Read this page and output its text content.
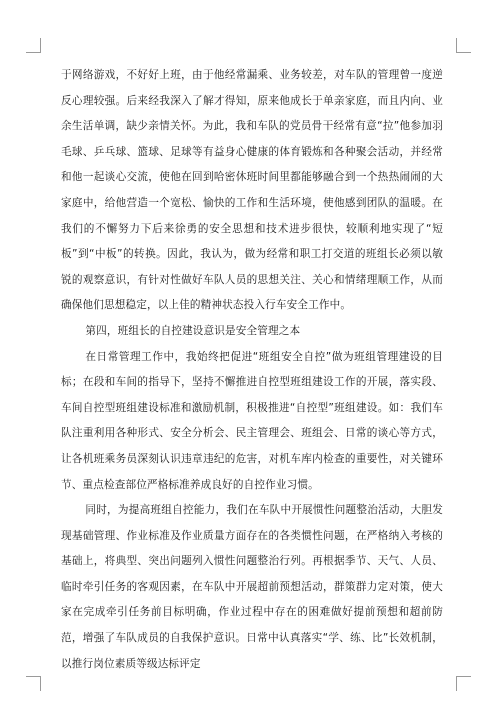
于网络游戏，不好好上班，由于他经常漏乘、业务较差，对车队的管理曾一度逆反心理较强。后来经我深入了解才得知，原来他成长于单亲家庭，而且内向、业余生活单调，缺少亲情关怀。为此，我和车队的党员骨干经常有意“拉”他参加羽毛球、乒乓球、篮球、足球等有益身心健康的体育锻炼和各种聚会活动，并经常和他一起谈心交流，使他在回到哈密休班时间里都能够融合到一个热热闹闹的大家庭中，给他营造一个宽松、愉快的工作和生活环境，使他感到团队的温暖。在我们的不懈努力下后来徐勇的安全思想和技术进步很快，较顺利地实现了“短板”到“中板”的转换。因此，我认为，做为经常和职工打交道的班组长必须以敏锐的观察意识，有针对性做好车队人员的思想关注、关心和情绪理顺工作，从而确保他们思想稳定，以上佳的精神状态投入行车安全工作中。

第四，班组长的自控建设意识是安全管理之本

在日常管理工作中，我始终把促进“班组安全自控”做为班组管理建设的目标；在段和车间的指导下，坚持不懈推进自控型班组建设工作的开展，落实段、车间自控型班组建设标准和激励机制，积极推进“自控型”班组建设。如：我们车队注重利用各种形式、安全分析会、民主管理会、班组会、日常的谈心等方式，让各机班乘务员深刻认识违章违纪的危害，对机车库内检查的重要性，对关键环节、重点检查部位严格标准养成良好的自控作业习惯。

同时，为提高班组自控能力，我们在车队中开展惯性问题整治活动，大胆发现基础管理、作业标准及作业质量方面存在的各类惯性问题，在严格纳入考核的基础上，将典型、突出问题列入惯性问题整治行列。再根据季节、天气、人员、临时牵引任务的客观因素，在车队中开展超前预想活动，群策群力定对策，使大家在完成牵引任务前目标明确，作业过程中存在的困难做好提前预想和超前防范，增强了车队成员的自我保护意识。日常中认真落实“学、练、比”长效机制，以推行岗位素质等级达标评定
